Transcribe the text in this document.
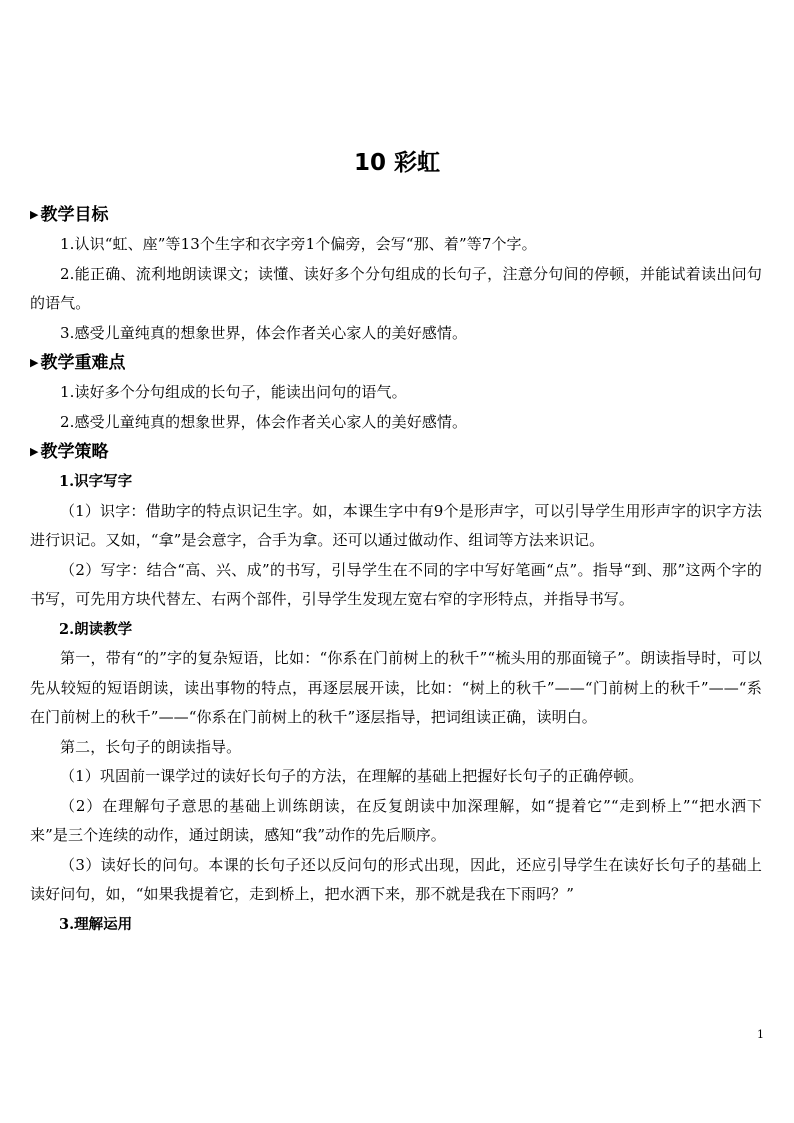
10 彩虹
▶ 教学目标

1.认识“虹、座”等13个生字和衣字旁1个偏旁，会写“那、着”等7个字。

2.能正确、流利地朗读课文；读懂、读好多个分句组成的长句子，注意分句间的停顿，并能试着读出问句的语气。

3.感受儿童纯真的想象世界，体会作者关心家人的美好感情。

▶ 教学重难点

1.读好多个分句组成的长句子，能读出问句的语气。

2.感受儿童纯真的想象世界，体会作者关心家人的美好感情。

▶ 教学策略
1.识字写字

（1）识字：借助字的特点识记生字。如，本课生字中有9个是形声字，可以引导学生用形声字的识字方法进行识记。又如，“拿”是会意字，合手为拿。还可以通过做动作、组词等方法来识记。

（2）写字：结合“高、兴、成”的书写，引导学生在不同的字中写好笔画“点”。指导“到、那”这两个字的书写，可先用方块代替左、右两个部件，引导学生发现左宽右窄的字形特点，并指导书写。

2.朗读教学

第一，带有“的”字的复杂短语，比如：“你系在门前树上的秋千”“梳头用的那面镜子”。朗读指导时，可以先从较短的短语朗读，读出事物的特点，再逐层展开读，比如：“树上的秋千”——“门前树上的秋千”——“系在门前树上的秋千”——“你系在门前树上的秋千”逐层指导，把词组读正确，读明白。

第二，长句子的朗读指导。

（1）巩固前一课学过的读好长句子的方法，在理解的基础上把握好长句子的正确停顿。

（2）在理解句子意思的基础上训练朗读，在反复朗读中加深理解，如“提着它”“走到桥上”“把水洒下来”是三个连续的动作，通过朗读，感知“我”动作的先后顺序。

（3）读好长的问句。本课的长句子还以反问句的形式出现，因此，还应引导学生在读好长句子的基础上读好问句，如，“如果我提着它，走到桥上，把水洒下来，那不就是我在下雨吗？”

3.理解运用
1
